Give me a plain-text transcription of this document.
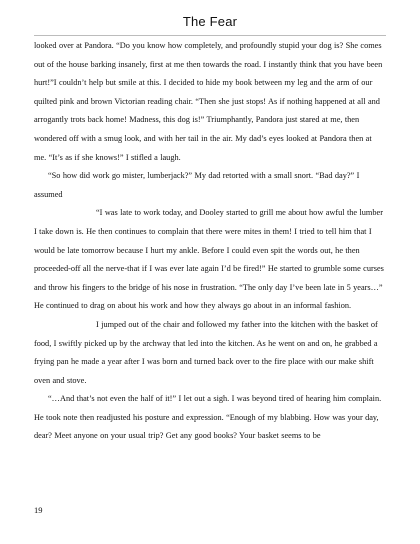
The Fear

looked over at Pandora. “Do you know how completely, and profoundly stupid your dog is? She comes out of the house barking insanely, first at me then towards the road. I instantly think that you have been hurt!”I couldn’t help but smile at this. I decided to hide my book between my leg and the arm of our quilted pink and brown Victorian reading chair. “Then she just stops! As if nothing happened at all and arrogantly trots back home! Madness, this dog is!” Triumphantly, Pandora just stared at me, then wondered off with a smug look, and with her tail in the air. My dad’s eyes looked at Pandora then at me. “It’s as if she knows!” I stifled a laugh.

“So how did work go mister, lumberjack?” My dad retorted with a small snort. “Bad day?” I assumed

“I was late to work today, and Dooley started to grill me about how awful the lumber I take down is. He then continues to complain that there were mites in them! I tried to tell him that I would be late tomorrow because I hurt my ankle. Before I could even spit the words out, he then proceeded-off all the nerve-that if I was ever late again I’d be fired!” He started to grumble some curses and throw his fingers to the bridge of his nose in frustration. “The only day I’ve been late in 5 years…” He continued to drag on about his work and how they always go about in an informal fashion.

I jumped out of the chair and followed my father into the kitchen with the basket of food, I swiftly picked up by the archway that led into the kitchen. As he went on and on, he grabbed a frying pan he made a year after I was born and turned back over to the fire place with our make shift oven and stove.

“…And that’s not even the half of it!” I let out a sigh. I was beyond tired of hearing him complain. He took note then readjusted his posture and expression. “Enough of my blabbing. How was your day, dear? Meet anyone on your usual trip? Get any good books? Your basket seems to be

19
